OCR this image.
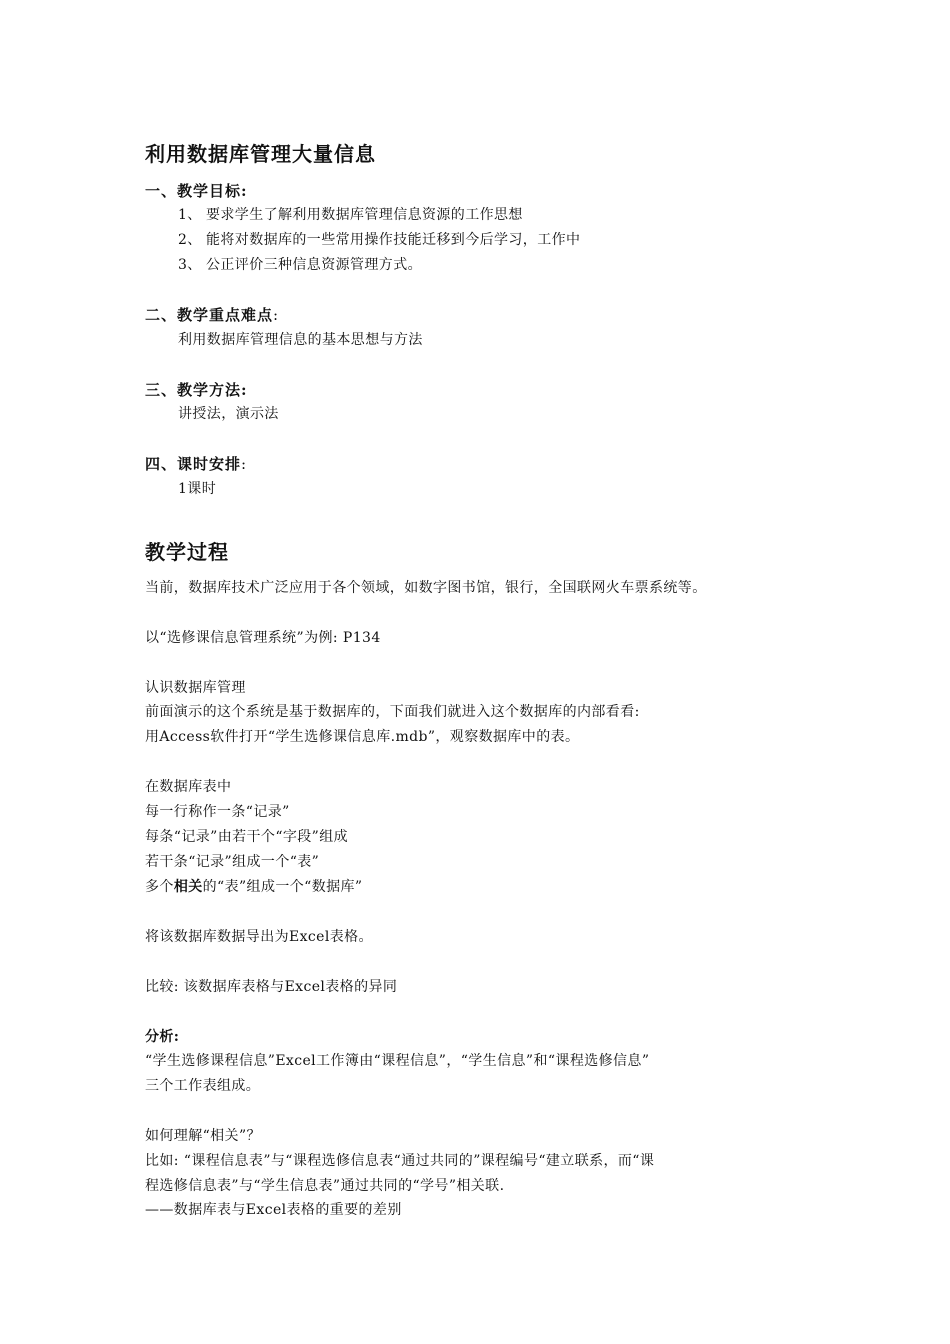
利用数据库管理大量信息
一、教学目标:
1、 要求学生了解利用数据库管理信息资源的工作思想
2、 能将对数据库的一些常用操作技能迁移到今后学习，工作中
3、 公正评价三种信息资源管理方式。
二、教学重点难点:
利用数据库管理信息的基本思想与方法
三、教学方法:
讲授法，演示法
四、课时安排:
1课时
教学过程
当前，数据库技术广泛应用于各个领域，如数字图书馆，银行，全国联网火车票系统等。
以“选修课信息管理系统”为例: P134
认识数据库管理
前面演示的这个系统是基于数据库的，下面我们就进入这个数据库的内部看看:
用Access软件打开“学生选修课信息库.mdb”，观察数据库中的表。
在数据库表中
每一行称作一条“记录”
每条“记录”由若干个“字段”组成
若干条“记录”组成一个“表”
多个相关的“表”组成一个“数据库”
将该数据库数据导出为Excel表格。
比较: 该数据库表格与Excel表格的异同
分析:
“学生选修课程信息”Excel工作簿由“课程信息”，“学生信息”和“课程选修信息”
三个工作表组成。
如何理解“相关”？
比如: “课程信息表”与“课程选修信息表“通过共同的”课程编号“建立联系，而“课
程选修信息表”与“学生信息表”通过共同的“学号”相关联.
——数据库表与Excel表格的重要的差别
